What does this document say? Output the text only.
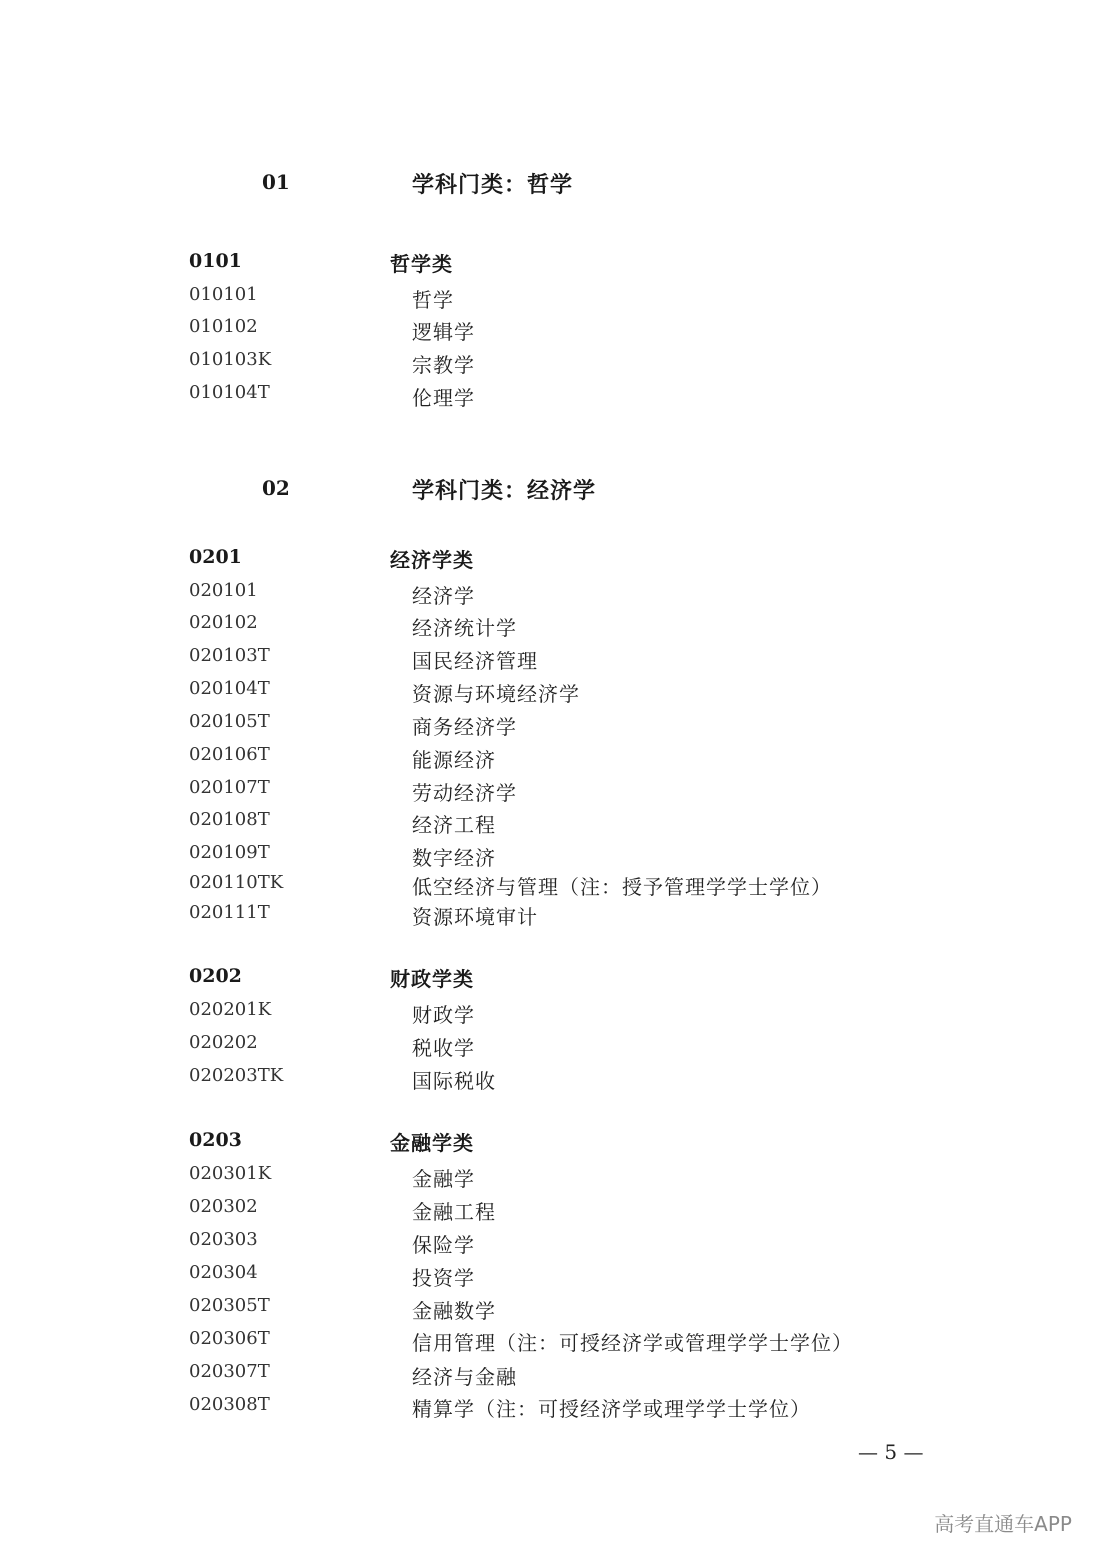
01	学科门类：哲学
0101	哲学类
010101	哲学
010102	逻辑学
010103K	宗教学
010104T	伦理学
02	学科门类：经济学
0201	经济学类
020101	经济学
020102	经济统计学
020103T	国民经济管理
020104T	资源与环境经济学
020105T	商务经济学
020106T	能源经济
020107T	劳动经济学
020108T	经济工程
020109T	数字经济
020110TK	低空经济与管理（注：授予管理学学士学位）
020111T	资源环境审计
0202	财政学类
020201K	财政学
020202	税收学
020203TK	国际税收
0203	金融学类
020301K	金融学
020302	金融工程
020303	保险学
020304	投资学
020305T	金融数学
020306T	信用管理（注：可授经济学或管理学学士学位）
020307T	经济与金融
020308T	精算学（注：可授经济学或理学学士学位）
— 5 —
高考直通车APP
